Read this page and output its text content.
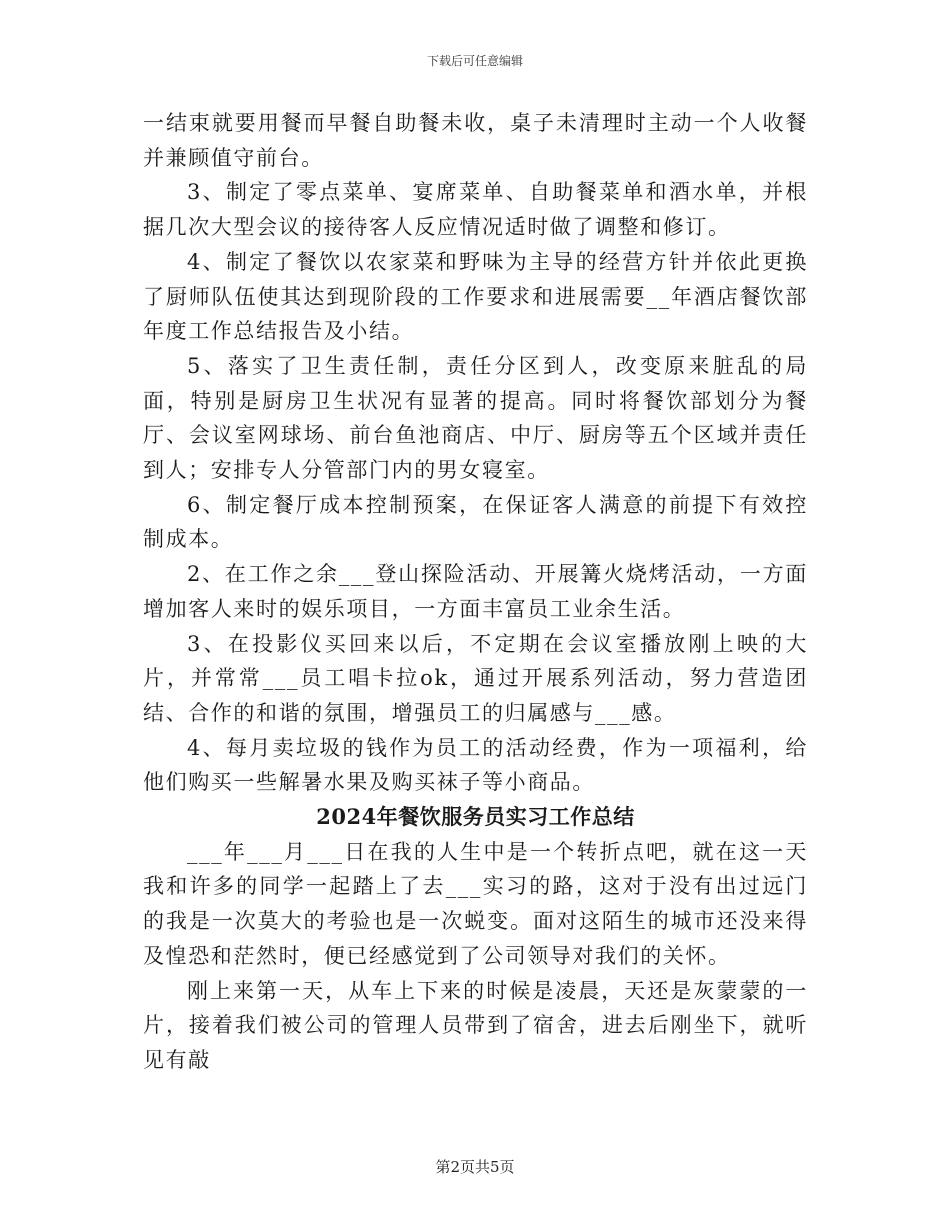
下载后可任意编辑

一结束就要用餐而早餐自助餐未收，桌子未清理时主动一个人收餐并兼顾值守前台。

3、制定了零点菜单、宴席菜单、自助餐菜单和酒水单，并根据几次大型会议的接待客人反应情况适时做了调整和修订。

4、制定了餐饮以农家菜和野味为主导的经营方针并依此更换了厨师队伍使其达到现阶段的工作要求和进展需要__年酒店餐饮部年度工作总结报告及小结。

5、落实了卫生责任制，责任分区到人，改变原来脏乱的局面，特别是厨房卫生状况有显著的提高。同时将餐饮部划分为餐厅、会议室网球场、前台鱼池商店、中厅、厨房等五个区域并责任到人；安排专人分管部门内的男女寝室。

6、制定餐厅成本控制预案，在保证客人满意的前提下有效控制成本。

2、在工作之余___登山探险活动、开展篝火烧烤活动，一方面增加客人来时的娱乐项目，一方面丰富员工业余生活。

3、在投影仪买回来以后，不定期在会议室播放刚上映的大片，并常常___员工唱卡拉ok，通过开展系列活动，努力营造团结、合作的和谐的氛围，增强员工的归属感与___感。

4、每月卖垃圾的钱作为员工的活动经费，作为一项福利，给他们购买一些解暑水果及购买袜子等小商品。

2024年餐饮服务员实习工作总结

___年___月___日在我的人生中是一个转折点吧，就在这一天我和许多的同学一起踏上了去___实习的路，这对于没有出过远门的我是一次莫大的考验也是一次蜕变。面对这陌生的城市还没来得及惶恐和茫然时，便已经感觉到了公司领导对我们的关怀。

刚上来第一天，从车上下来的时候是凌晨，天还是灰蒙蒙的一片，接着我们被公司的管理人员带到了宿舍，进去后刚坐下，就听见有敲

第2页共5页
